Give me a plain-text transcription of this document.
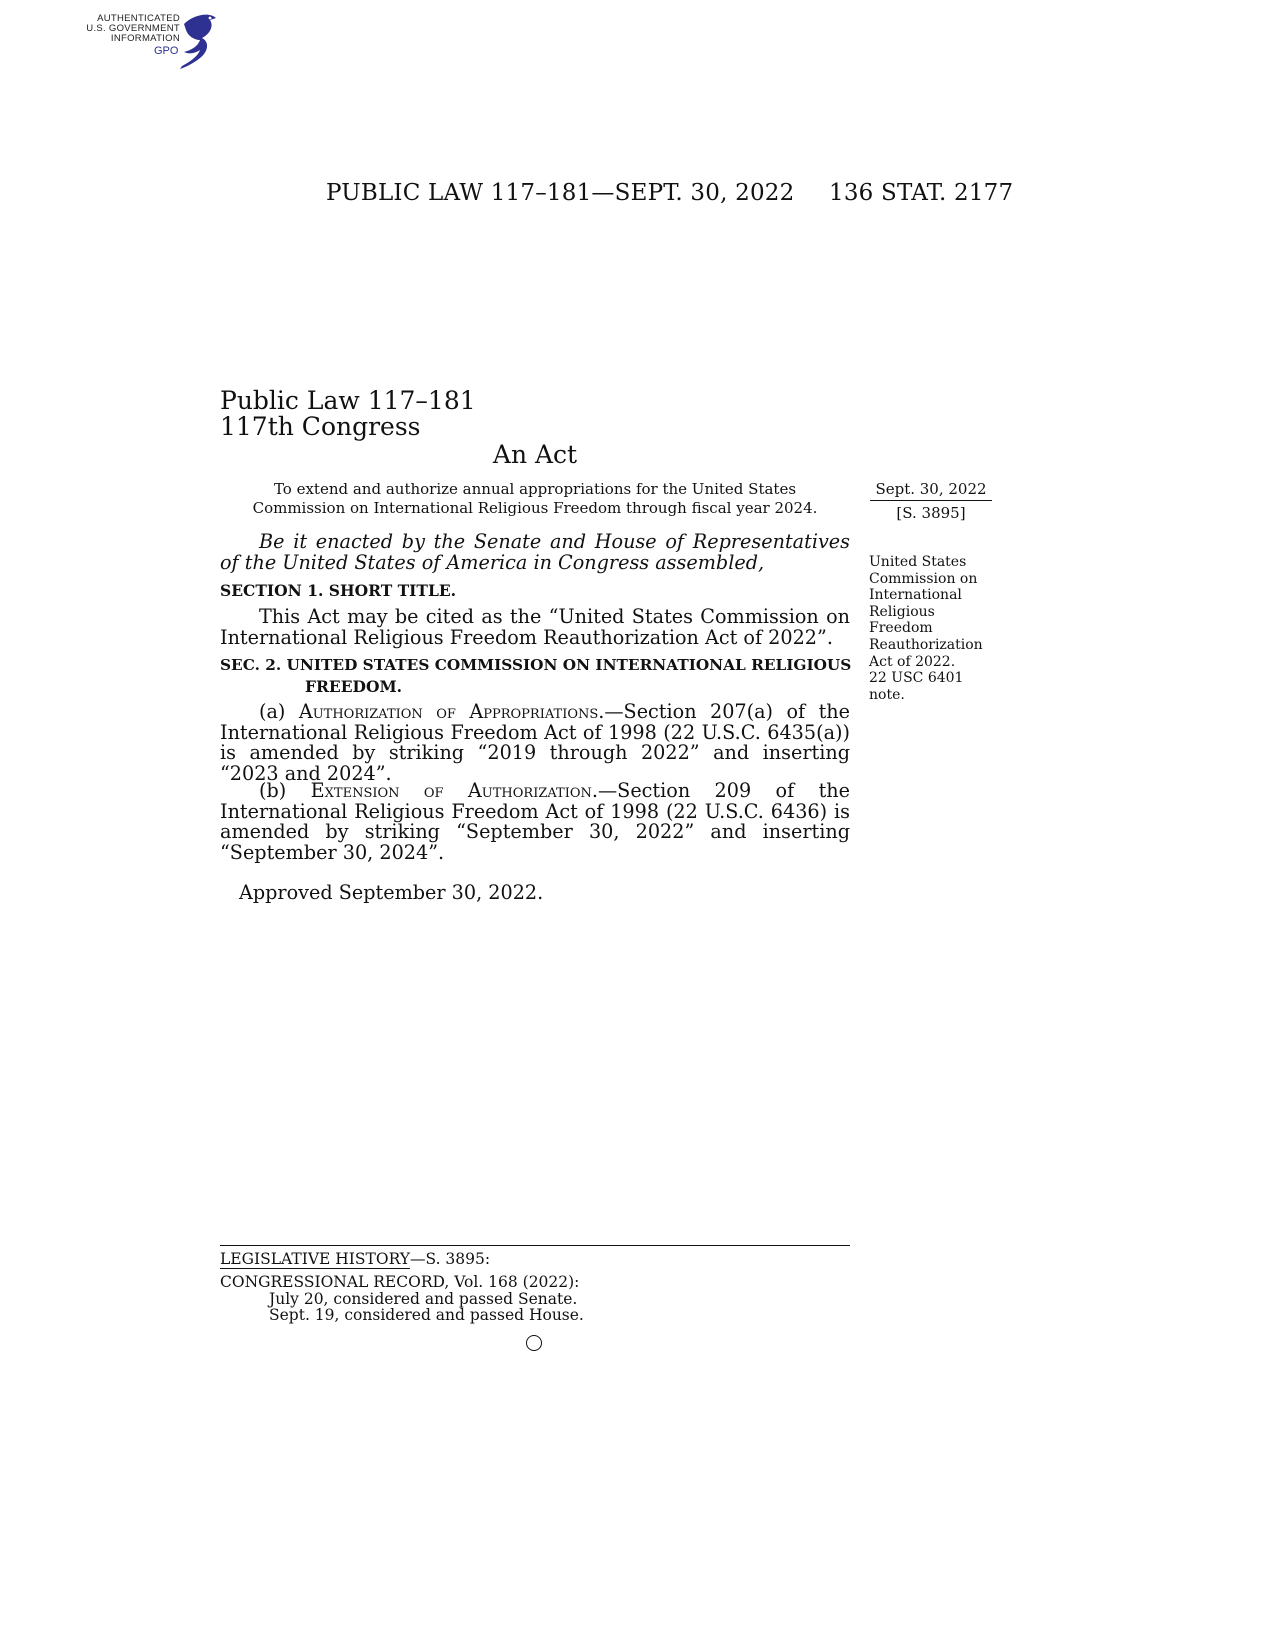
AUTHENTICATED
U.S. GOVERNMENT
INFORMATION
GPO
PUBLIC LAW 117–181—SEPT. 30, 2022 136 STAT. 2177
Public Law 117–181
117th Congress
An Act
To extend and authorize annual appropriations for the United States Commission on International Religious Freedom through fiscal year 2024.
Sept. 30, 2022
[S. 3895]
United States
Commission on
International
Religious
Freedom
Reauthorization
Act of 2022.
22 USC 6401
note.
Be it enacted by the Senate and House of Representatives of the United States of America in Congress assembled,
SECTION 1. SHORT TITLE.
This Act may be cited as the “United States Commission on International Religious Freedom Reauthorization Act of 2022”.
SEC. 2. UNITED STATES COMMISSION ON INTERNATIONAL RELIGIOUS
FREEDOM.
(a) Authorization of Appropriations.—Section 207(a) of the International Religious Freedom Act of 1998 (22 U.S.C. 6435(a)) is amended by striking “2019 through 2022” and inserting “2023 and 2024”.
(b) Extension of Authorization.—Section 209 of the International Religious Freedom Act of 1998 (22 U.S.C. 6436) is amended by striking “September 30, 2022” and inserting “September 30, 2024”.
Approved September 30, 2022.
LEGISLATIVE HISTORY—S. 3895:
CONGRESSIONAL RECORD, Vol. 168 (2022):
July 20, considered and passed Senate.
Sept. 19, considered and passed House.
